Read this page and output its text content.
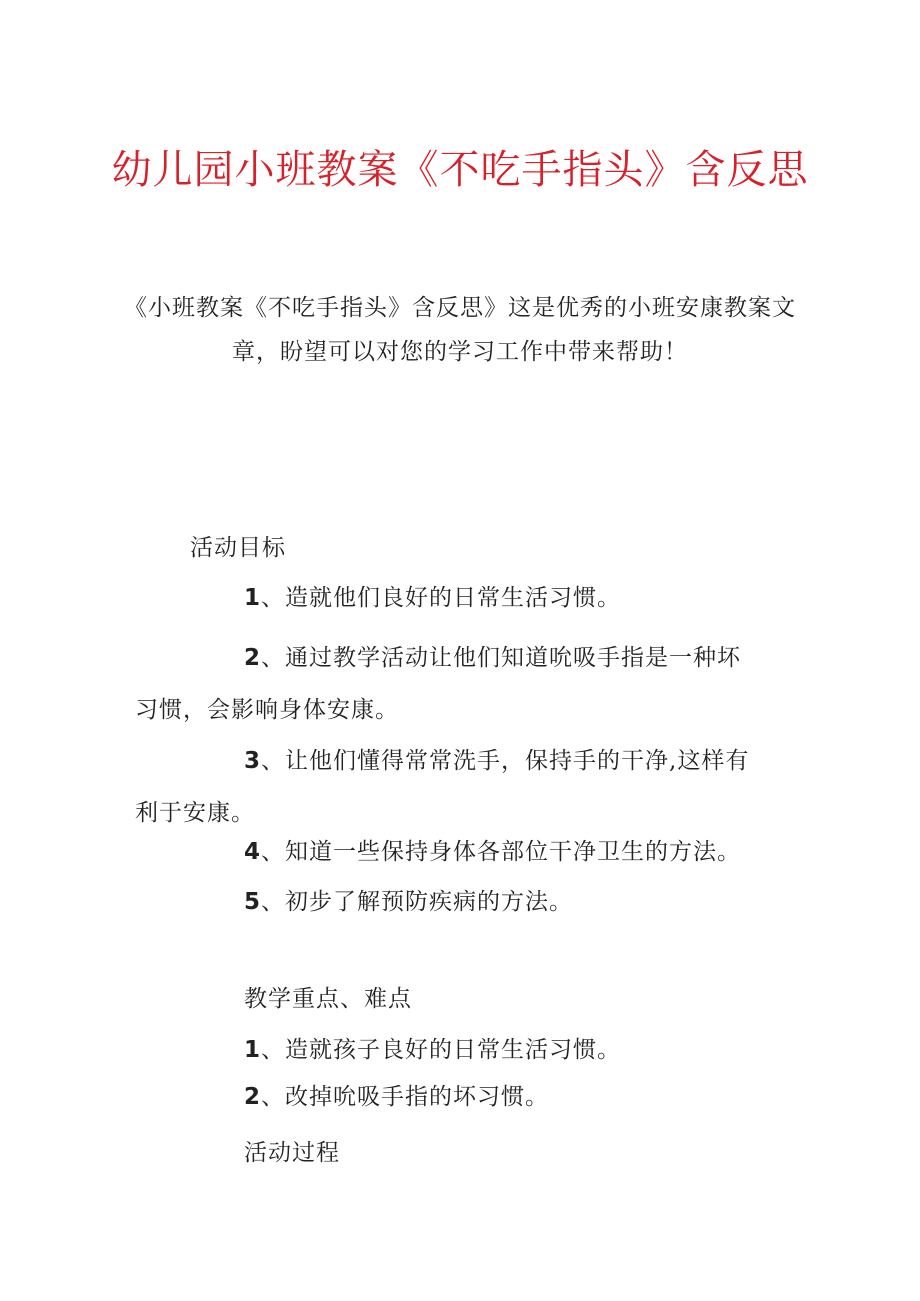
幼儿园小班教案《不吃手指头》含反思

《小班教案《不吃手指头》含反思》这是优秀的小班安康教案文章，盼望可以对您的学习工作中带来帮助！

活动目标

1、造就他们良好的日常生活习惯。

2、通过教学活动让他们知道吮吸手指是一种坏
习惯，会影响身体安康。

3、让他们懂得常常洗手，保持手的干净,这样有
利于安康。

4、知道一些保持身体各部位干净卫生的方法。

5、初步了解预防疾病的方法。

教学重点、难点

1、造就孩子良好的日常生活习惯。

2、改掉吮吸手指的坏习惯。

活动过程
